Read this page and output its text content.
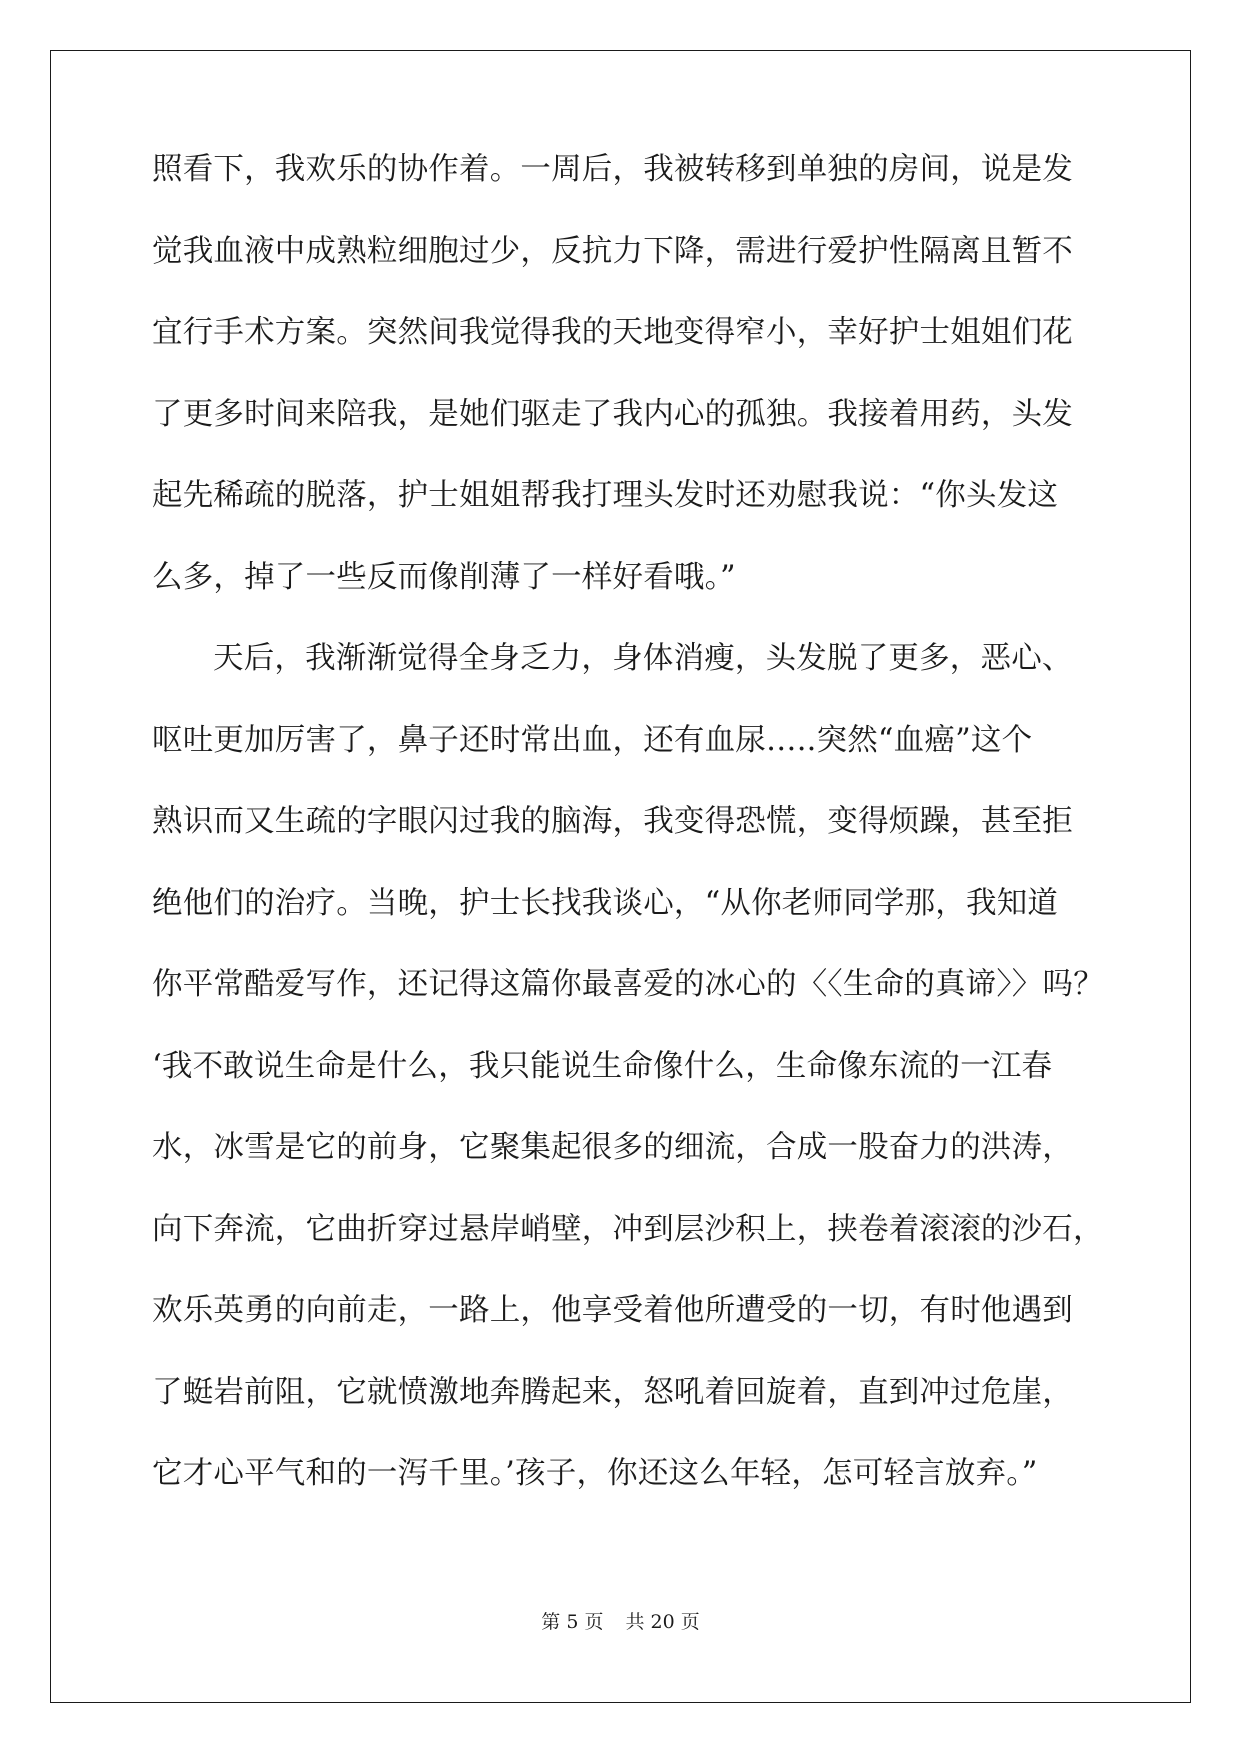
照看下，我欢乐的协作着。一周后，我被转移到单独的房间，说是发
觉我血液中成熟粒细胞过少，反抗力下降，需进行爱护性隔离且暂不
宜行手术方案。突然间我觉得我的天地变得窄小，幸好护士姐姐们花
了更多时间来陪我，是她们驱走了我内心的孤独。我接着用药，头发
起先稀疏的脱落，护士姐姐帮我打理头发时还劝慰我说：“你头发这
么多，掉了一些反而像削薄了一样好看哦。”
天后，我渐渐觉得全身乏力，身体消瘦，头发脱了更多，恶心、
呕吐更加厉害了，鼻子还时常出血，还有血尿…..突然“血癌”这个
熟识而又生疏的字眼闪过我的脑海，我变得恐慌，变得烦躁，甚至拒
绝他们的治疗。当晚，护士长找我谈心，“从你老师同学那，我知道
你平常酷爱写作，还记得这篇你最喜爱的冰心的〈〈生命的真谛〉〉吗？
‘我不敢说生命是什么，我只能说生命像什么，生命像东流的一江春
水，冰雪是它的前身，它聚集起很多的细流，合成一股奋力的洪涛，
向下奔流，它曲折穿过悬岸峭壁，冲到层沙积上，挟卷着滚滚的沙石，
欢乐英勇的向前走，一路上，他享受着他所遭受的一切，有时他遇到
了蜓岩前阻，它就愤激地奔腾起来，怒吼着回旋着，直到冲过危崖，
它才心平气和的一泻千里。’孩子，你还这么年轻，怎可轻言放弃。”
第 5 页 共 20 页
